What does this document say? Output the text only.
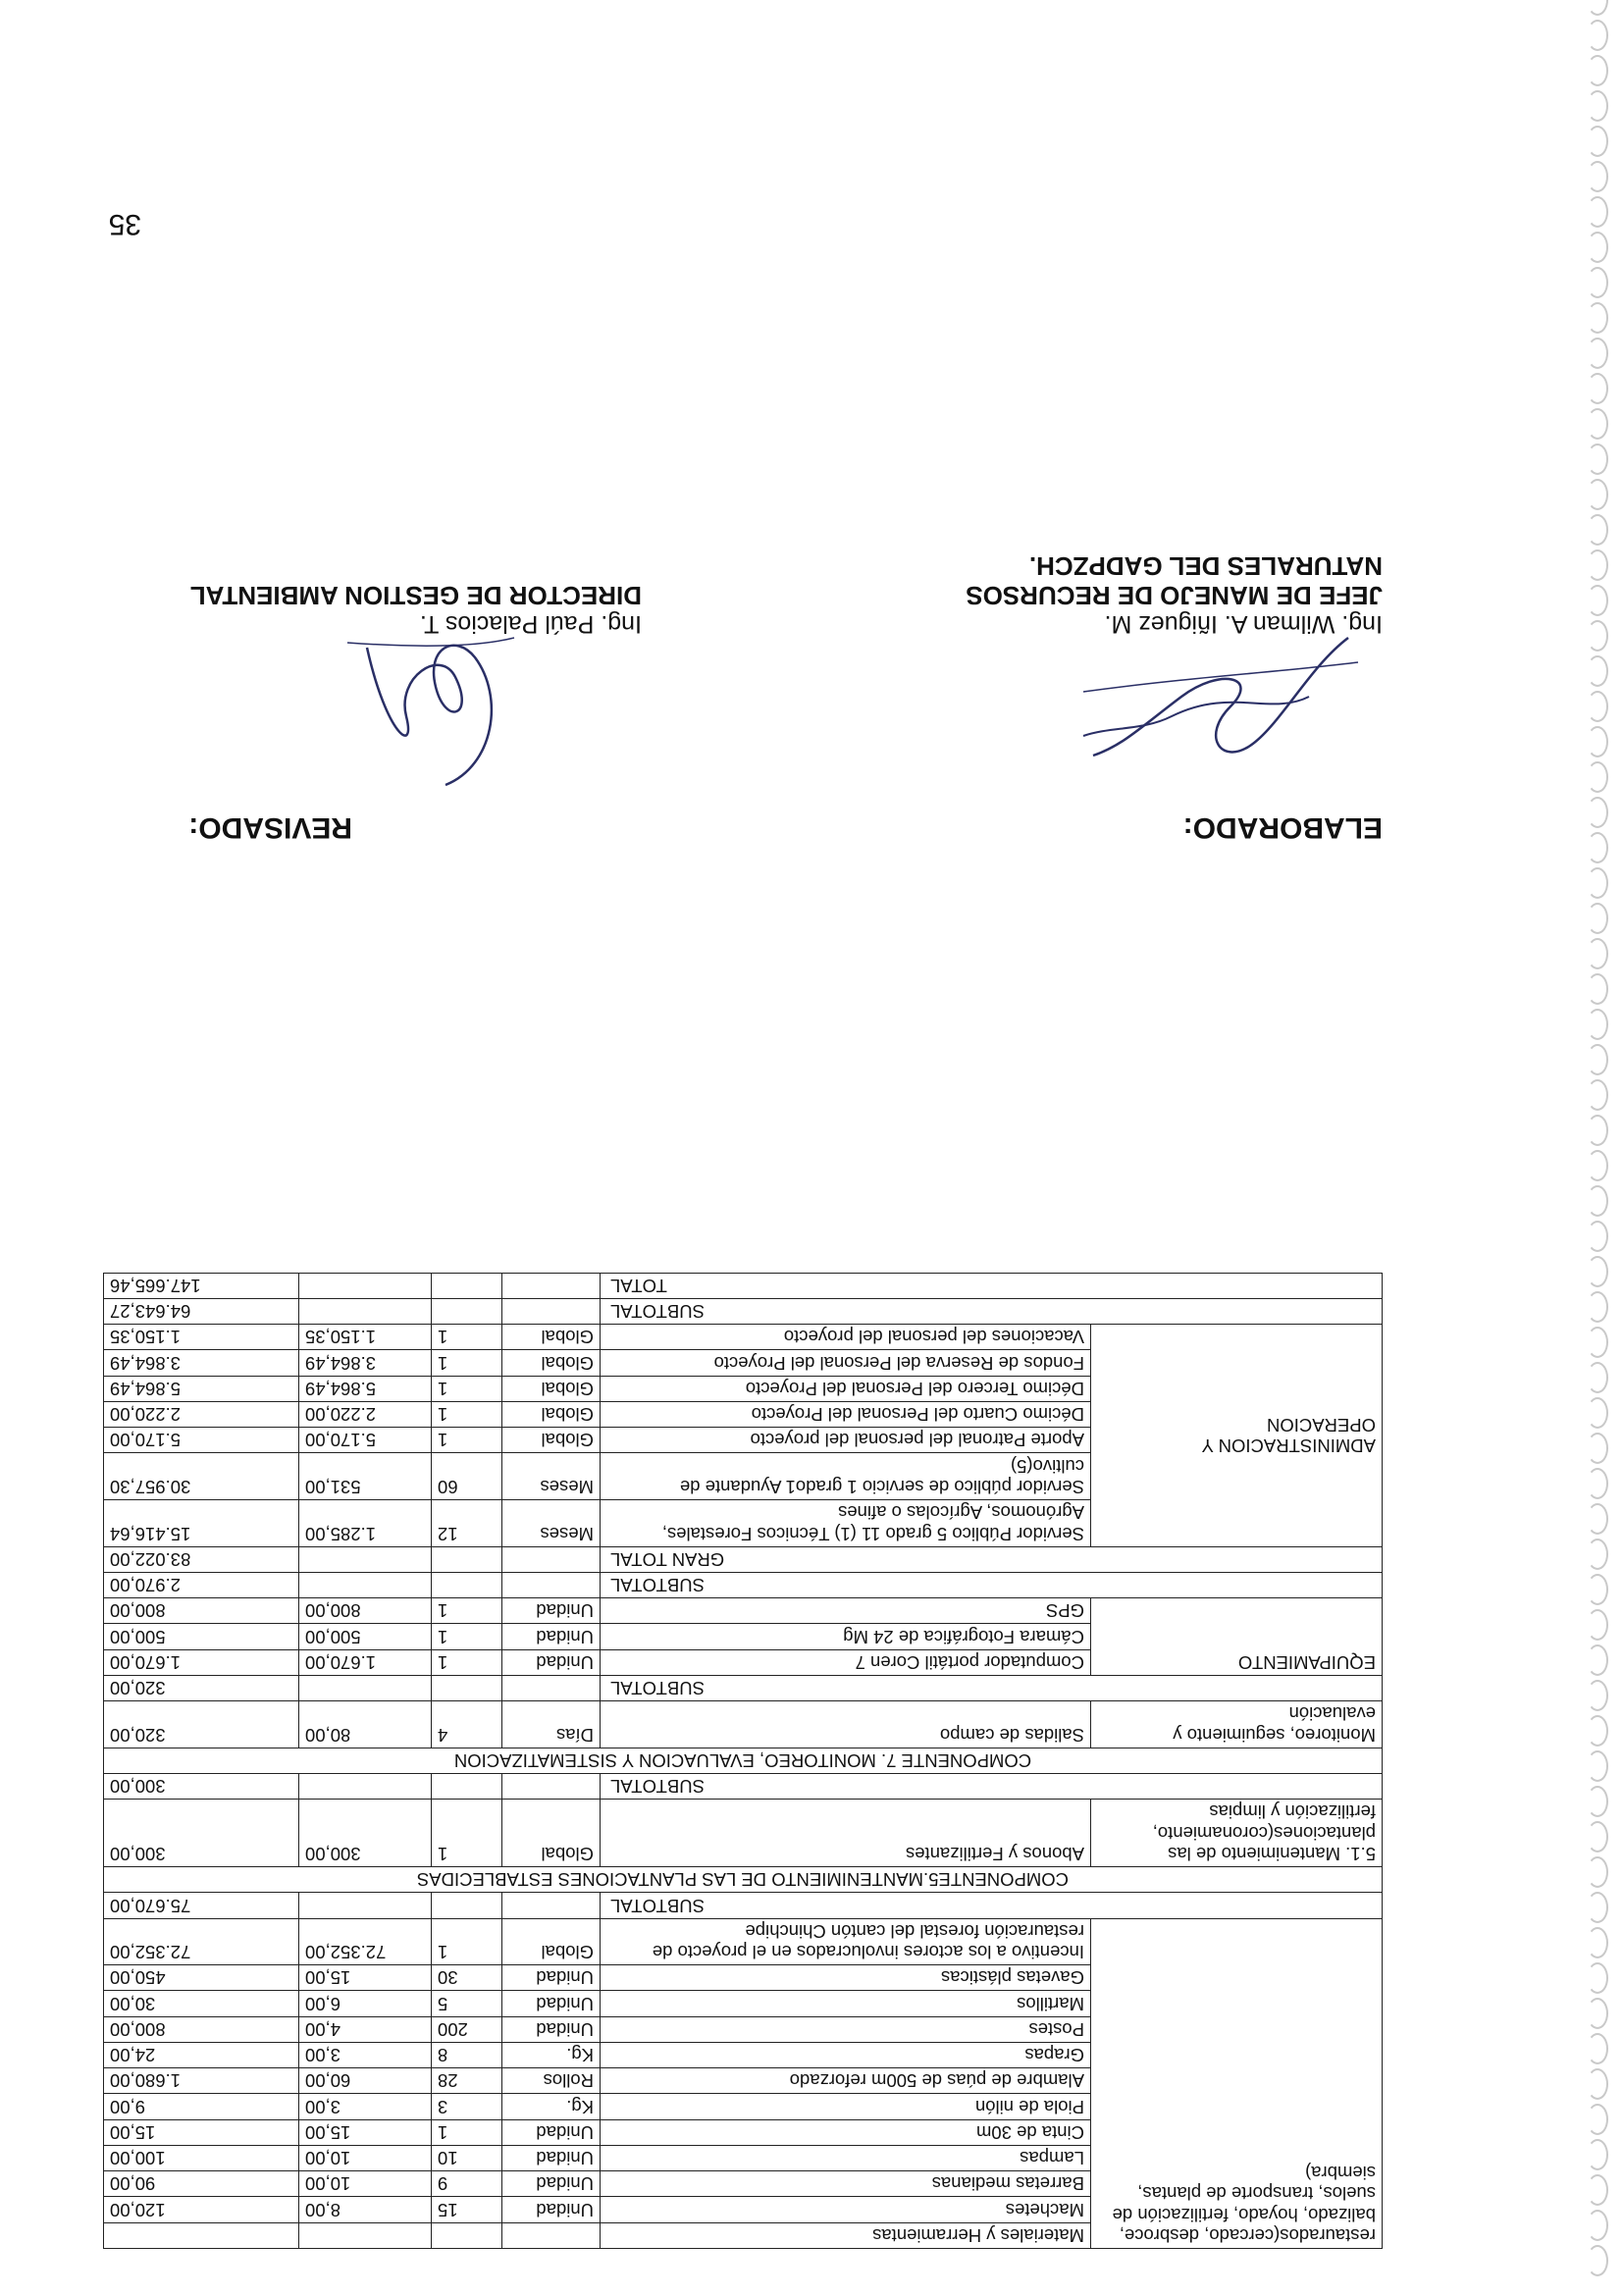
35
restaurados(cercado, desbroce, balizado, hoyado, fertilización de suelos, transporte de plantas, siembra)	Materiales y Herramientas				
	Machetes	Unidad	15	8,00	120,00
	Barretas medianas	Unidad	9	10,00	90,00
	Lampas	Unidad	10	10,00	100,00
	Cinta de 30m	Unidad	1	15,00	15,00
	Piola de nilón	Kg.	3	3,00	9,00
	Alambre de púas de 500m reforzado	Rollos	28	60,00	1.680,00
	Grapas	Kg.	8	3,00	24,00
	Postes	Unidad	200	4,00	800,00
	Martillos	Unidad	5	6,00	30,00
	Gavetas plásticas	Unidad	30	15,00	450,00
	Incentivo a los actores involucrados en el proyecto de restauración forestal del cantón Chinchipe	Global	1	72.352,00	72.352,00
SUBTOTAL					75.670,00
COMPONENTE5.MANTENIMIENTO DE LAS PLANTACIONES ESTABLECIDAS					
5.1. Mantenimiento de las plantaciones(coronamiento, fertilización y limpias	Abonos y Fertilizantes	Global	1	300,00	300,00
SUBTOTAL					300,00
COMPONENTE 7. MONITOREO, EVALUACION Y SISTEMATIZACION					
Monitoreo, seguimiento y evaluación	Salidas de campo	Días	4	80,00	320,00
SUBTOTAL					320,00
EQUIPAMIENTO	Computador portátil Coren 7	Unidad	1	1.670,00	1.670,00
	Cámara Fotográfica de 24 Mg	Unidad	1	500,00	500,00
	GPS	Unidad	1	800,00	800,00
SUBTOTAL					2.970,00
GRAN TOTAL					83.022,00
ADMINISTRACION Y OPERACION	Servidor Público 5 grado 11 (1) Técnicos Forestales, Agrónomos, Agrícolas o afines	Meses	12	1.285,00	15.416,64
	Servidor público de servicio 1 grado1 Ayudante de cultivo(5)	Meses	60	531,00	30.957,30
	Aporte Patronal del personal del proyecto	Global	1	5.170,00	5.170,00
	Décimo Cuarto del Personal del Proyecto	Global	1	2.220,00	2.220,00
	Décimo Tercero del Personal del Proyecto	Global	1	5.864,49	5.864,49
	Fondos de Reserva del Personal del Proyecto	Global	1	3.864,49	3.864,49
	Vacaciones del personal del proyecto	Global	1	1.150,35	1.150,35
SUBTOTAL					64.643,27
TOTAL					147.665,46
ELABORADO:
REVISADO:
Ing. Wilman A. Iñiguez M.
JEFE DE MANEJO DE RECURSOS
NATURALES DEL GADPZCH.
Ing. Paúl Palacios T.
DIRECTOR DE GESTION AMBIENTAL
